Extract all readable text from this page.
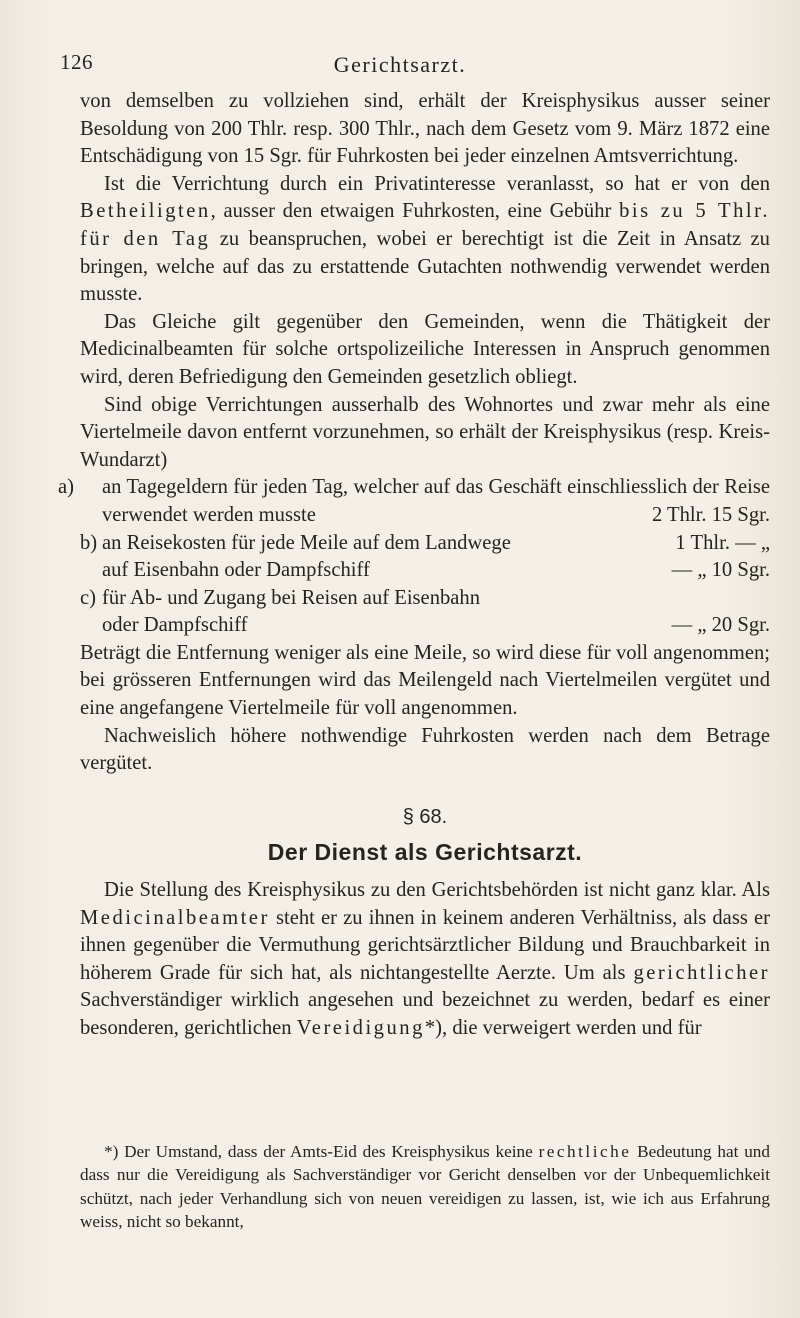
126	Gerichtsarzt.

von demselben zu vollziehen sind, erhält der Kreisphysikus ausser seiner Besoldung von 200 Thlr. resp. 300 Thlr., nach dem Gesetz vom 9. März 1872 eine Entschädigung von 15 Sgr. für Fuhrkosten bei jeder einzelnen Amtsverrichtung.

Ist die Verrichtung durch ein Privatinteresse veranlasst, so hat er von den Betheiligten, ausser den etwaigen Fuhrkosten, eine Gebühr bis zu 5 Thlr. für den Tag zu beanspruchen, wobei er berechtigt ist die Zeit in Ansatz zu bringen, welche auf das zu erstattende Gutachten nothwendig verwendet werden musste.

Das Gleiche gilt gegenüber den Gemeinden, wenn die Thätigkeit der Medicinalbeamten für solche ortspolizeiliche Interessen in Anspruch genommen wird, deren Befriedigung den Gemeinden gesetzlich obliegt.

Sind obige Verrichtungen ausserhalb des Wohnortes und zwar mehr als eine Viertelmeile davon entfernt vorzunehmen, so erhält der Kreisphysikus (resp. Kreis-Wundarzt)

a) an Tagegeldern für jeden Tag, welcher auf das Geschäft einschliesslich der Reise verwendet werden musste	2 Thlr. 15 Sgr.
b) an Reisekosten für jede Meile auf dem Landwege	1 Thlr. — „
auf Eisenbahn oder Dampfschiff	— „ 10 Sgr.
c) für Ab- und Zugang bei Reisen auf Eisenbahn
oder Dampfschiff	— „ 20 Sgr.

Beträgt die Entfernung weniger als eine Meile, so wird diese für voll angenommen; bei grösseren Entfernungen wird das Meilengeld nach Viertelmeilen vergütet und eine angefangene Viertelmeile für voll angenommen.

Nachweislich höhere nothwendige Fuhrkosten werden nach dem Betrage vergütet.

§ 68.
Der Dienst als Gerichtsarzt.

Die Stellung des Kreisphysikus zu den Gerichtsbehörden ist nicht ganz klar. Als Medicinalbeamter steht er zu ihnen in keinem anderen Verhältniss, als dass er ihnen gegenüber die Vermuthung gerichtsärztlicher Bildung und Brauchbarkeit in höherem Grade für sich hat, als nichtangestellte Aerzte. Um als gerichtlicher Sachverständiger wirklich angesehen und bezeichnet zu werden, bedarf es einer besonderen, gerichtlichen Vereidigung*), die verweigert werden und für

*) Der Umstand, dass der Amts-Eid des Kreisphysikus keine rechtliche Bedeutung hat und dass nur die Vereidigung als Sachverständiger vor Gericht denselben vor der Unbequemlichkeit schützt, nach jeder Verhandlung sich von neuen vereidigen zu lassen, ist, wie ich aus Erfahrung weiss, nicht so bekannt,
